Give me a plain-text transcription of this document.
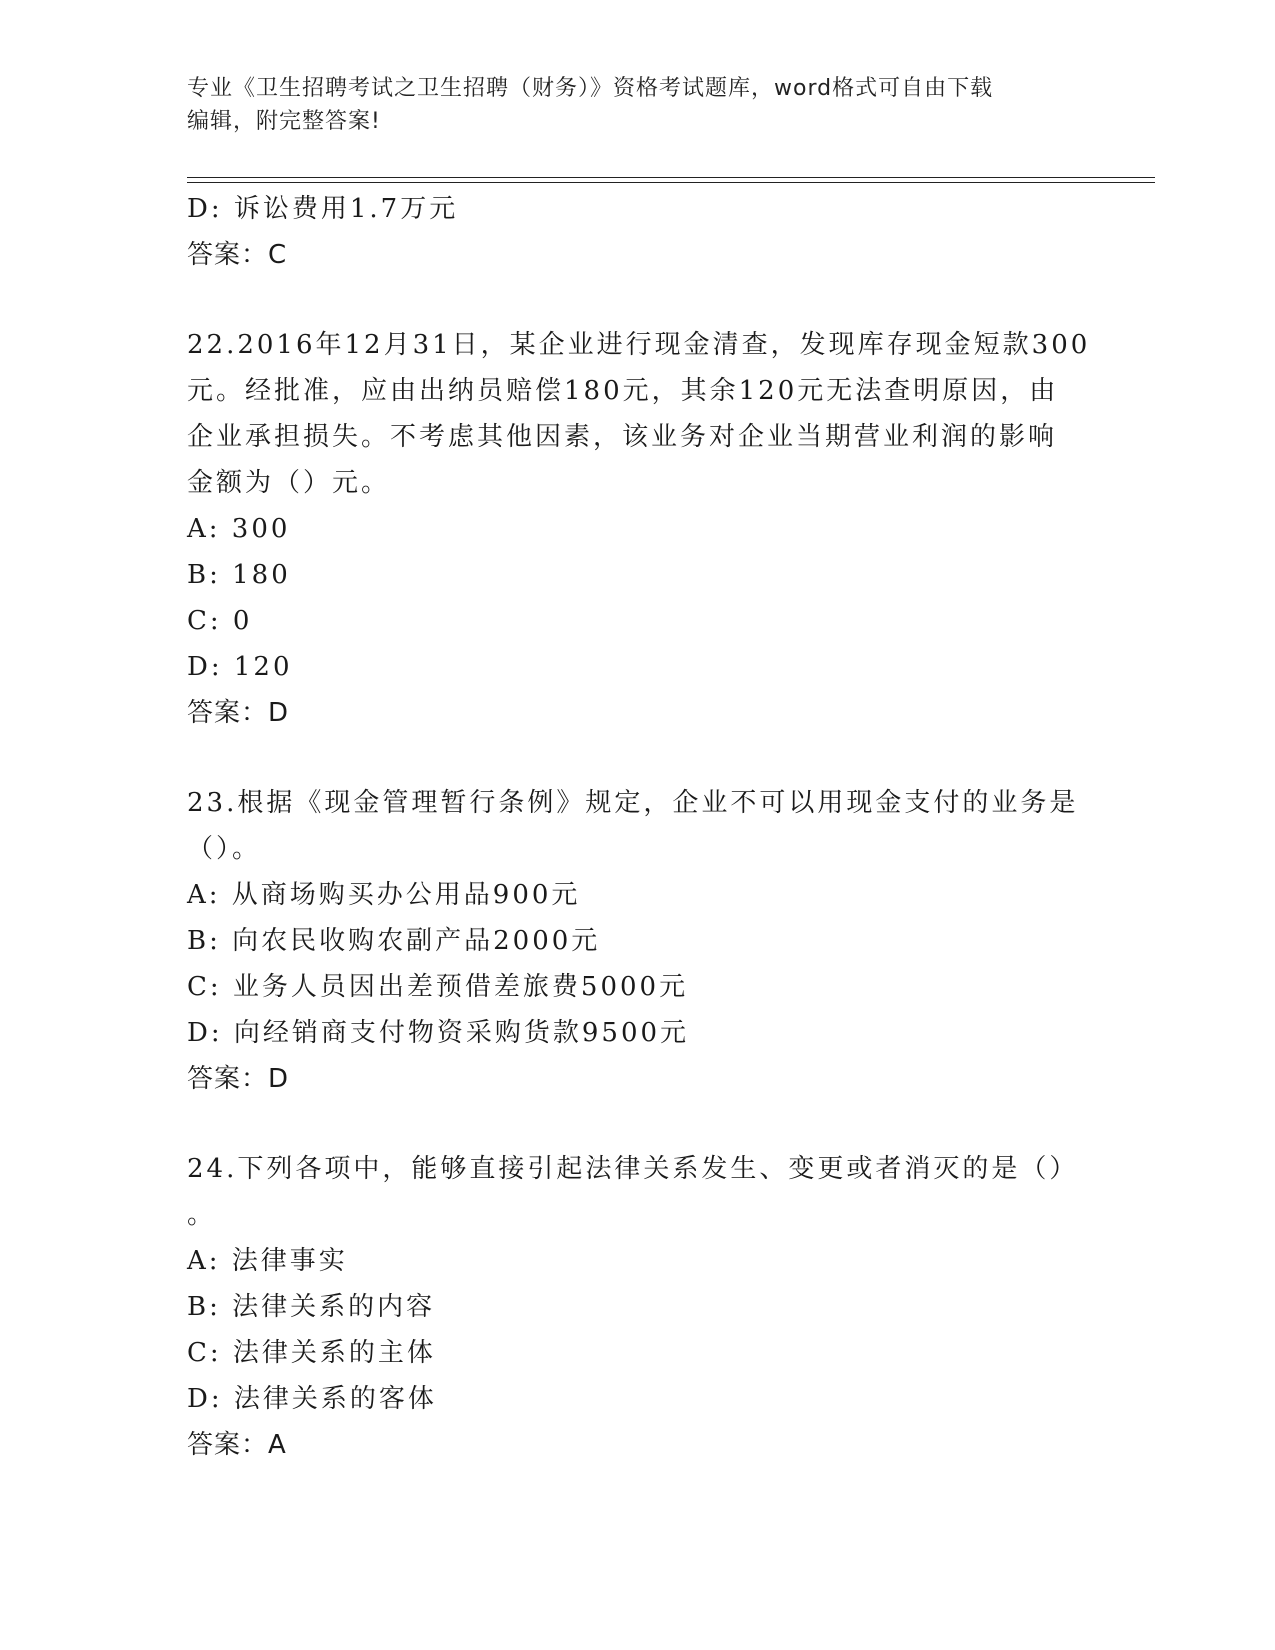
专业《卫生招聘考试之卫生招聘（财务）》资格考试题库，word格式可自由下载
编辑，附完整答案!
D: 诉讼费用1.7万元
答案：C
22.2016年12月31日，某企业进行现金清查，发现库存现金短款300
元。经批准，应由出纳员赔偿180元，其余120元无法查明原因，由
企业承担损失。不考虑其他因素，该业务对企业当期营业利润的影响
金额为（）元。
A: 300
B: 180
C: 0
D: 120
答案：D
23.根据《现金管理暂行条例》规定，企业不可以用现金支付的业务是
（）。
A: 从商场购买办公用品900元
B: 向农民收购农副产品2000元
C: 业务人员因出差预借差旅费5000元
D: 向经销商支付物资采购货款9500元
答案：D
24.下列各项中，能够直接引起法律关系发生、变更或者消灭的是（）
。
A: 法律事实
B: 法律关系的内容
C: 法律关系的主体
D: 法律关系的客体
答案：A
